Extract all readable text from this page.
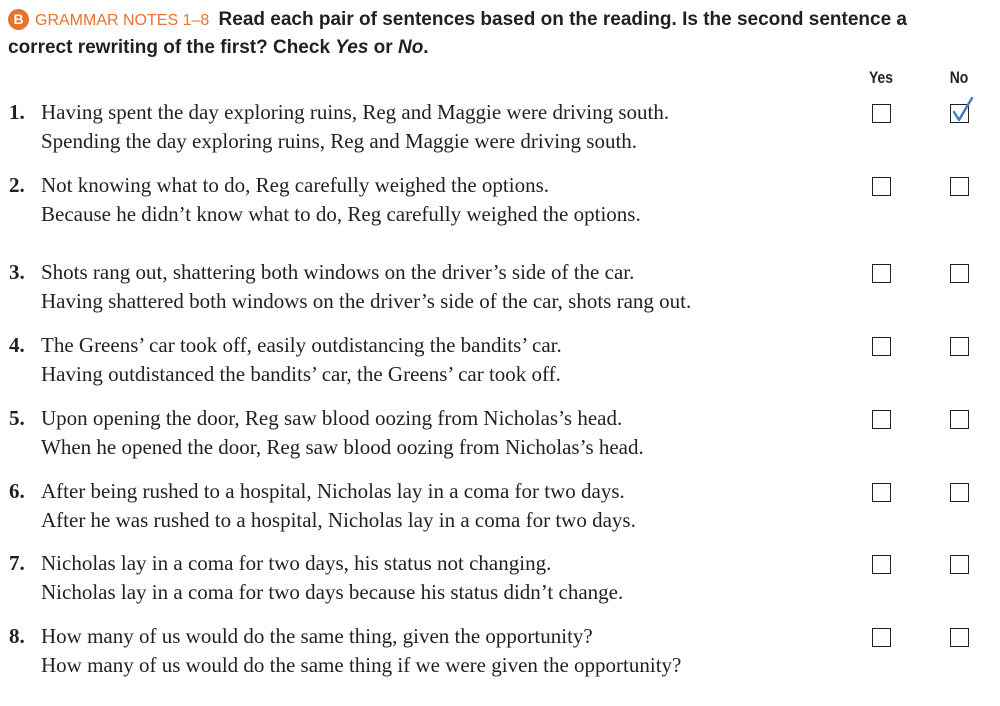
B GRAMMAR NOTES 1–8 Read each pair of sentences based on the reading. Is the second sentence a correct rewriting of the first? Check Yes or No.
Yes	No
1. Having spent the day exploring ruins, Reg and Maggie were driving south.
Spending the day exploring ruins, Reg and Maggie were driving south.
2. Not knowing what to do, Reg carefully weighed the options.
Because he didn’t know what to do, Reg carefully weighed the options.
3. Shots rang out, shattering both windows on the driver’s side of the car.
Having shattered both windows on the driver’s side of the car, shots rang out.
4. The Greens’ car took off, easily outdistancing the bandits’ car.
Having outdistanced the bandits’ car, the Greens’ car took off.
5. Upon opening the door, Reg saw blood oozing from Nicholas’s head.
When he opened the door, Reg saw blood oozing from Nicholas’s head.
6. After being rushed to a hospital, Nicholas lay in a coma for two days.
After he was rushed to a hospital, Nicholas lay in a coma for two days.
7. Nicholas lay in a coma for two days, his status not changing.
Nicholas lay in a coma for two days because his status didn’t change.
8. How many of us would do the same thing, given the opportunity?
How many of us would do the same thing if we were given the opportunity?
